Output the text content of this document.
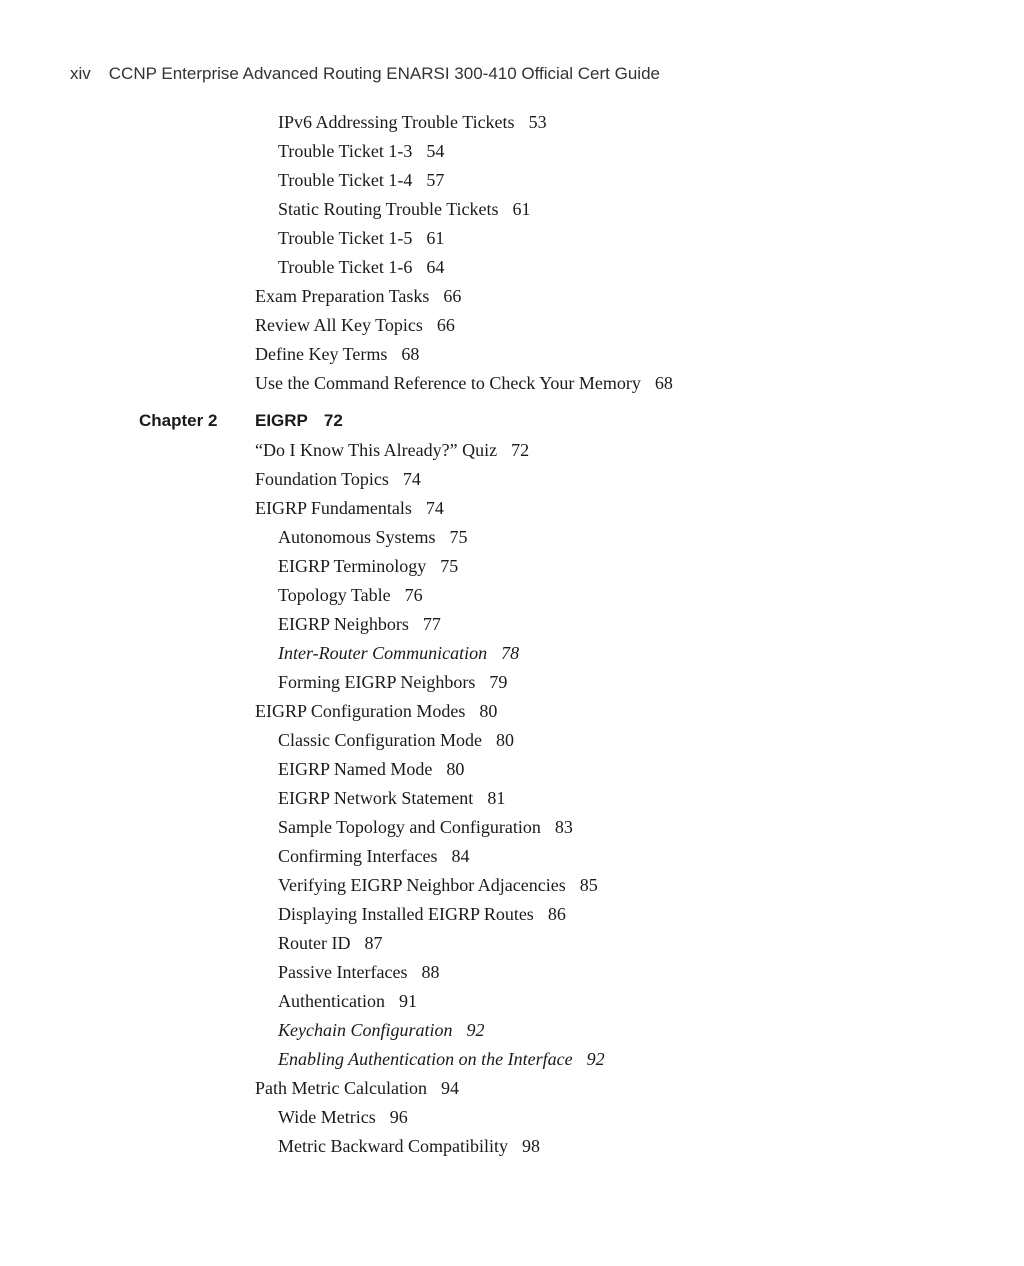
xiv CCNP Enterprise Advanced Routing ENARSI 300-410 Official Cert Guide
IPv6 Addressing Trouble Tickets 53
Trouble Ticket 1-3 54
Trouble Ticket 1-4 57
Static Routing Trouble Tickets 61
Trouble Ticket 1-5 61
Trouble Ticket 1-6 64
Exam Preparation Tasks 66
Review All Key Topics 66
Define Key Terms 68
Use the Command Reference to Check Your Memory 68
Chapter 2 EIGRP 72
“Do I Know This Already?” Quiz 72
Foundation Topics 74
EIGRP Fundamentals 74
Autonomous Systems 75
EIGRP Terminology 75
Topology Table 76
EIGRP Neighbors 77
Inter-Router Communication 78
Forming EIGRP Neighbors 79
EIGRP Configuration Modes 80
Classic Configuration Mode 80
EIGRP Named Mode 80
EIGRP Network Statement 81
Sample Topology and Configuration 83
Confirming Interfaces 84
Verifying EIGRP Neighbor Adjacencies 85
Displaying Installed EIGRP Routes 86
Router ID 87
Passive Interfaces 88
Authentication 91
Keychain Configuration 92
Enabling Authentication on the Interface 92
Path Metric Calculation 94
Wide Metrics 96
Metric Backward Compatibility 98
